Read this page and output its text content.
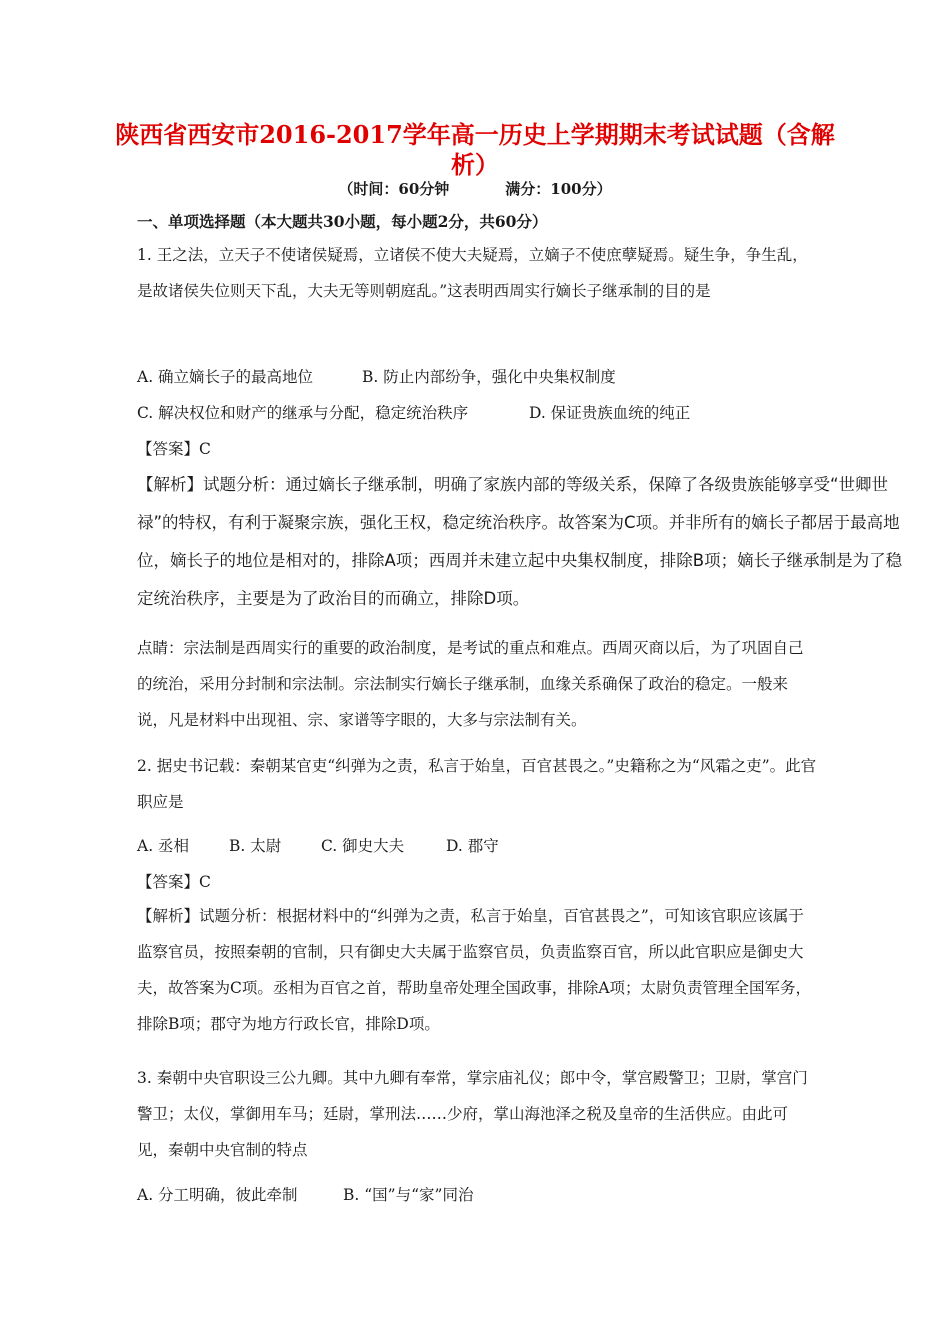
陕西省西安市2016-2017学年高一历史上学期期末考试试题（含解析）
（时间：60分钟	满分：100分）
一、单项选择题（本大题共30小题，每小题2分，共60分）
1. 王之法，立天子不使诸侯疑焉，立诸侯不使大夫疑焉，立嫡子不使庶孽疑焉。疑生争，争生乱，是故诸侯失位则天下乱，大夫无等则朝庭乱。”这表明西周实行嫡长子继承制的目的是
A. 确立嫡长子的最高地位	B. 防止内部纷争，强化中央集权制度
C. 解决权位和财产的继承与分配，稳定统治秩序	D. 保证贵族血统的纯正
【答案】C
【解析】试题分析：通过嫡长子继承制，明确了家族内部的等级关系，保障了各级贵族能够享受“世卿世禄”的特权，有利于凝聚宗族，强化王权，稳定统治秩序。故答案为C项。并非所有的嫡长子都居于最高地位，嫡长子的地位是相对的，排除A项；西周并未建立起中央集权制度，排除B项；嫡长子继承制是为了稳定统治秩序，主要是为了政治目的而确立，排除D项。
点睛：宗法制是西周实行的重要的政治制度，是考试的重点和难点。西周灭商以后，为了巩固自己的统治，采用分封制和宗法制。宗法制实行嫡长子继承制，血缘关系确保了政治的稳定。一般来说，凡是材料中出现祖、宗、家谱等字眼的，大多与宗法制有关。
2. 据史书记载：秦朝某官吏“纠弹为之责，私言于始皇，百官甚畏之。”史籍称之为“风霜之吏”。此官职应是
A. 丞相	B. 太尉	C. 御史大夫	D. 郡守
【答案】C
【解析】试题分析：根据材料中的“纠弹为之责，私言于始皇，百官甚畏之”，可知该官职应该属于监察官员，按照秦朝的官制，只有御史大夫属于监察官员，负责监察百官，所以此官职应是御史大夫，故答案为C项。丞相为百官之首，帮助皇帝处理全国政事，排除A项；太尉负责管理全国军务，排除B项；郡守为地方行政长官，排除D项。
3. 秦朝中央官职设三公九卿。其中九卿有奉常，掌宗庙礼仪；郎中令，掌宫殿警卫；卫尉，掌宫门警卫；太仪，掌御用车马；廷尉，掌刑法……少府，掌山海池泽之税及皇帝的生活供应。由此可见，秦朝中央官制的特点
A. 分工明确，彼此牵制	B. “国”与“家”同治
